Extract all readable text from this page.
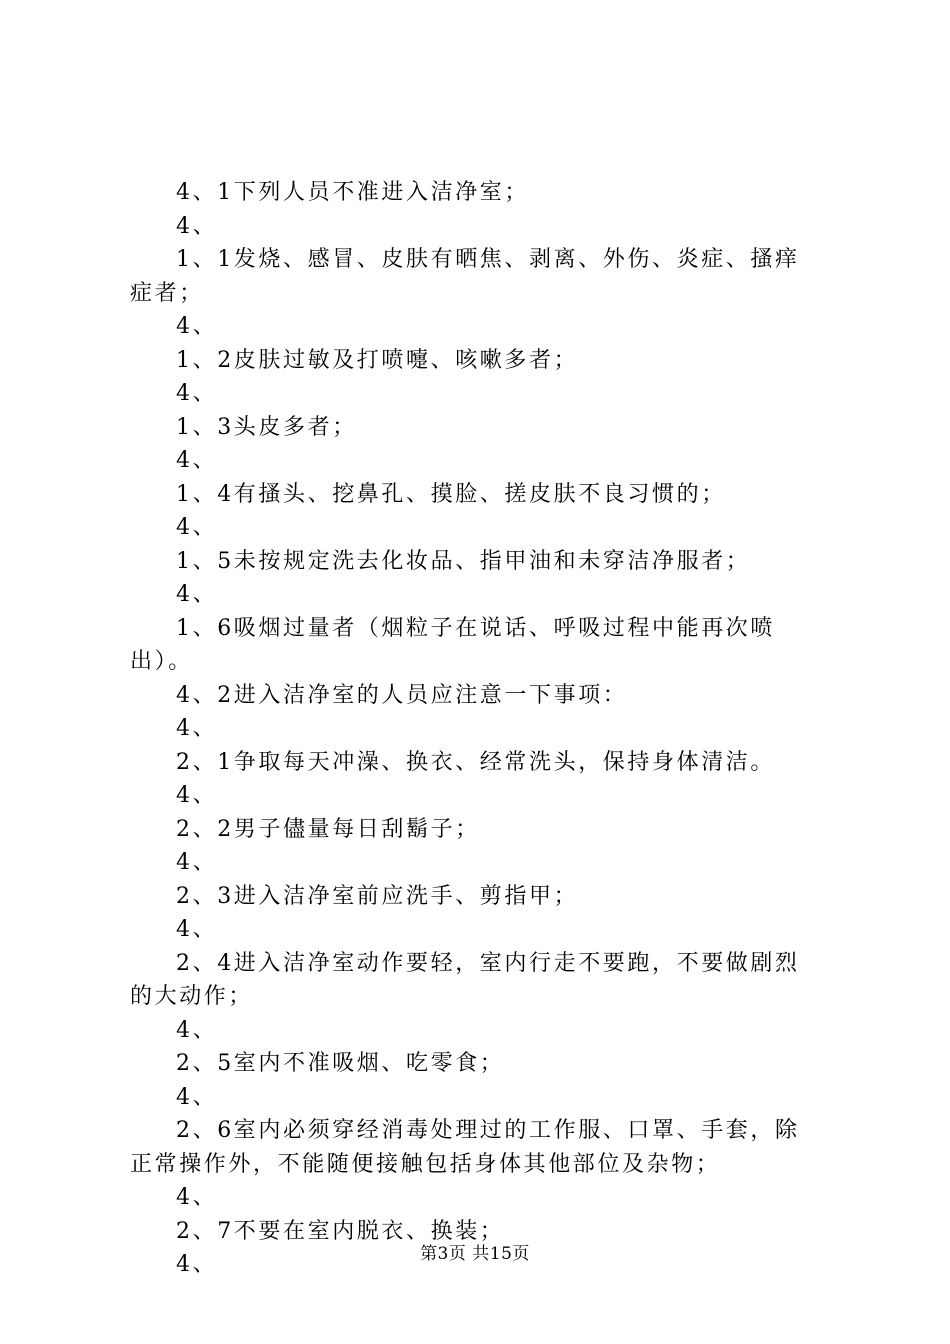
4、1下列人员不准进入洁净室；
4、
1、1发烧、感冒、皮肤有晒焦、剥离、外伤、炎症、搔痒
症者；
4、
1、2皮肤过敏及打喷嚏、咳嗽多者；
4、
1、3头皮多者；
4、
1、4有搔头、挖鼻孔、摸脸、搓皮肤不良习惯的；
4、
1、5未按规定洗去化妆品、指甲油和未穿洁净服者；
4、
1、6吸烟过量者（烟粒子在说话、呼吸过程中能再次喷
出）。
4、2进入洁净室的人员应注意一下事项：
4、
2、1争取每天冲澡、换衣、经常洗头，保持身体清洁。
4、
2、2男子儘量每日刮鬍子；
4、
2、3进入洁净室前应洗手、剪指甲；
4、
2、4进入洁净室动作要轻，室内行走不要跑，不要做剧烈
的大动作；
4、
2、5室内不准吸烟、吃零食；
4、
2、6室内必须穿经消毒处理过的工作服、口罩、手套，除
正常操作外，不能随便接触包括身体其他部位及杂物；
4、
2、7不要在室内脱衣、换装；
4、	第3页 共15页
